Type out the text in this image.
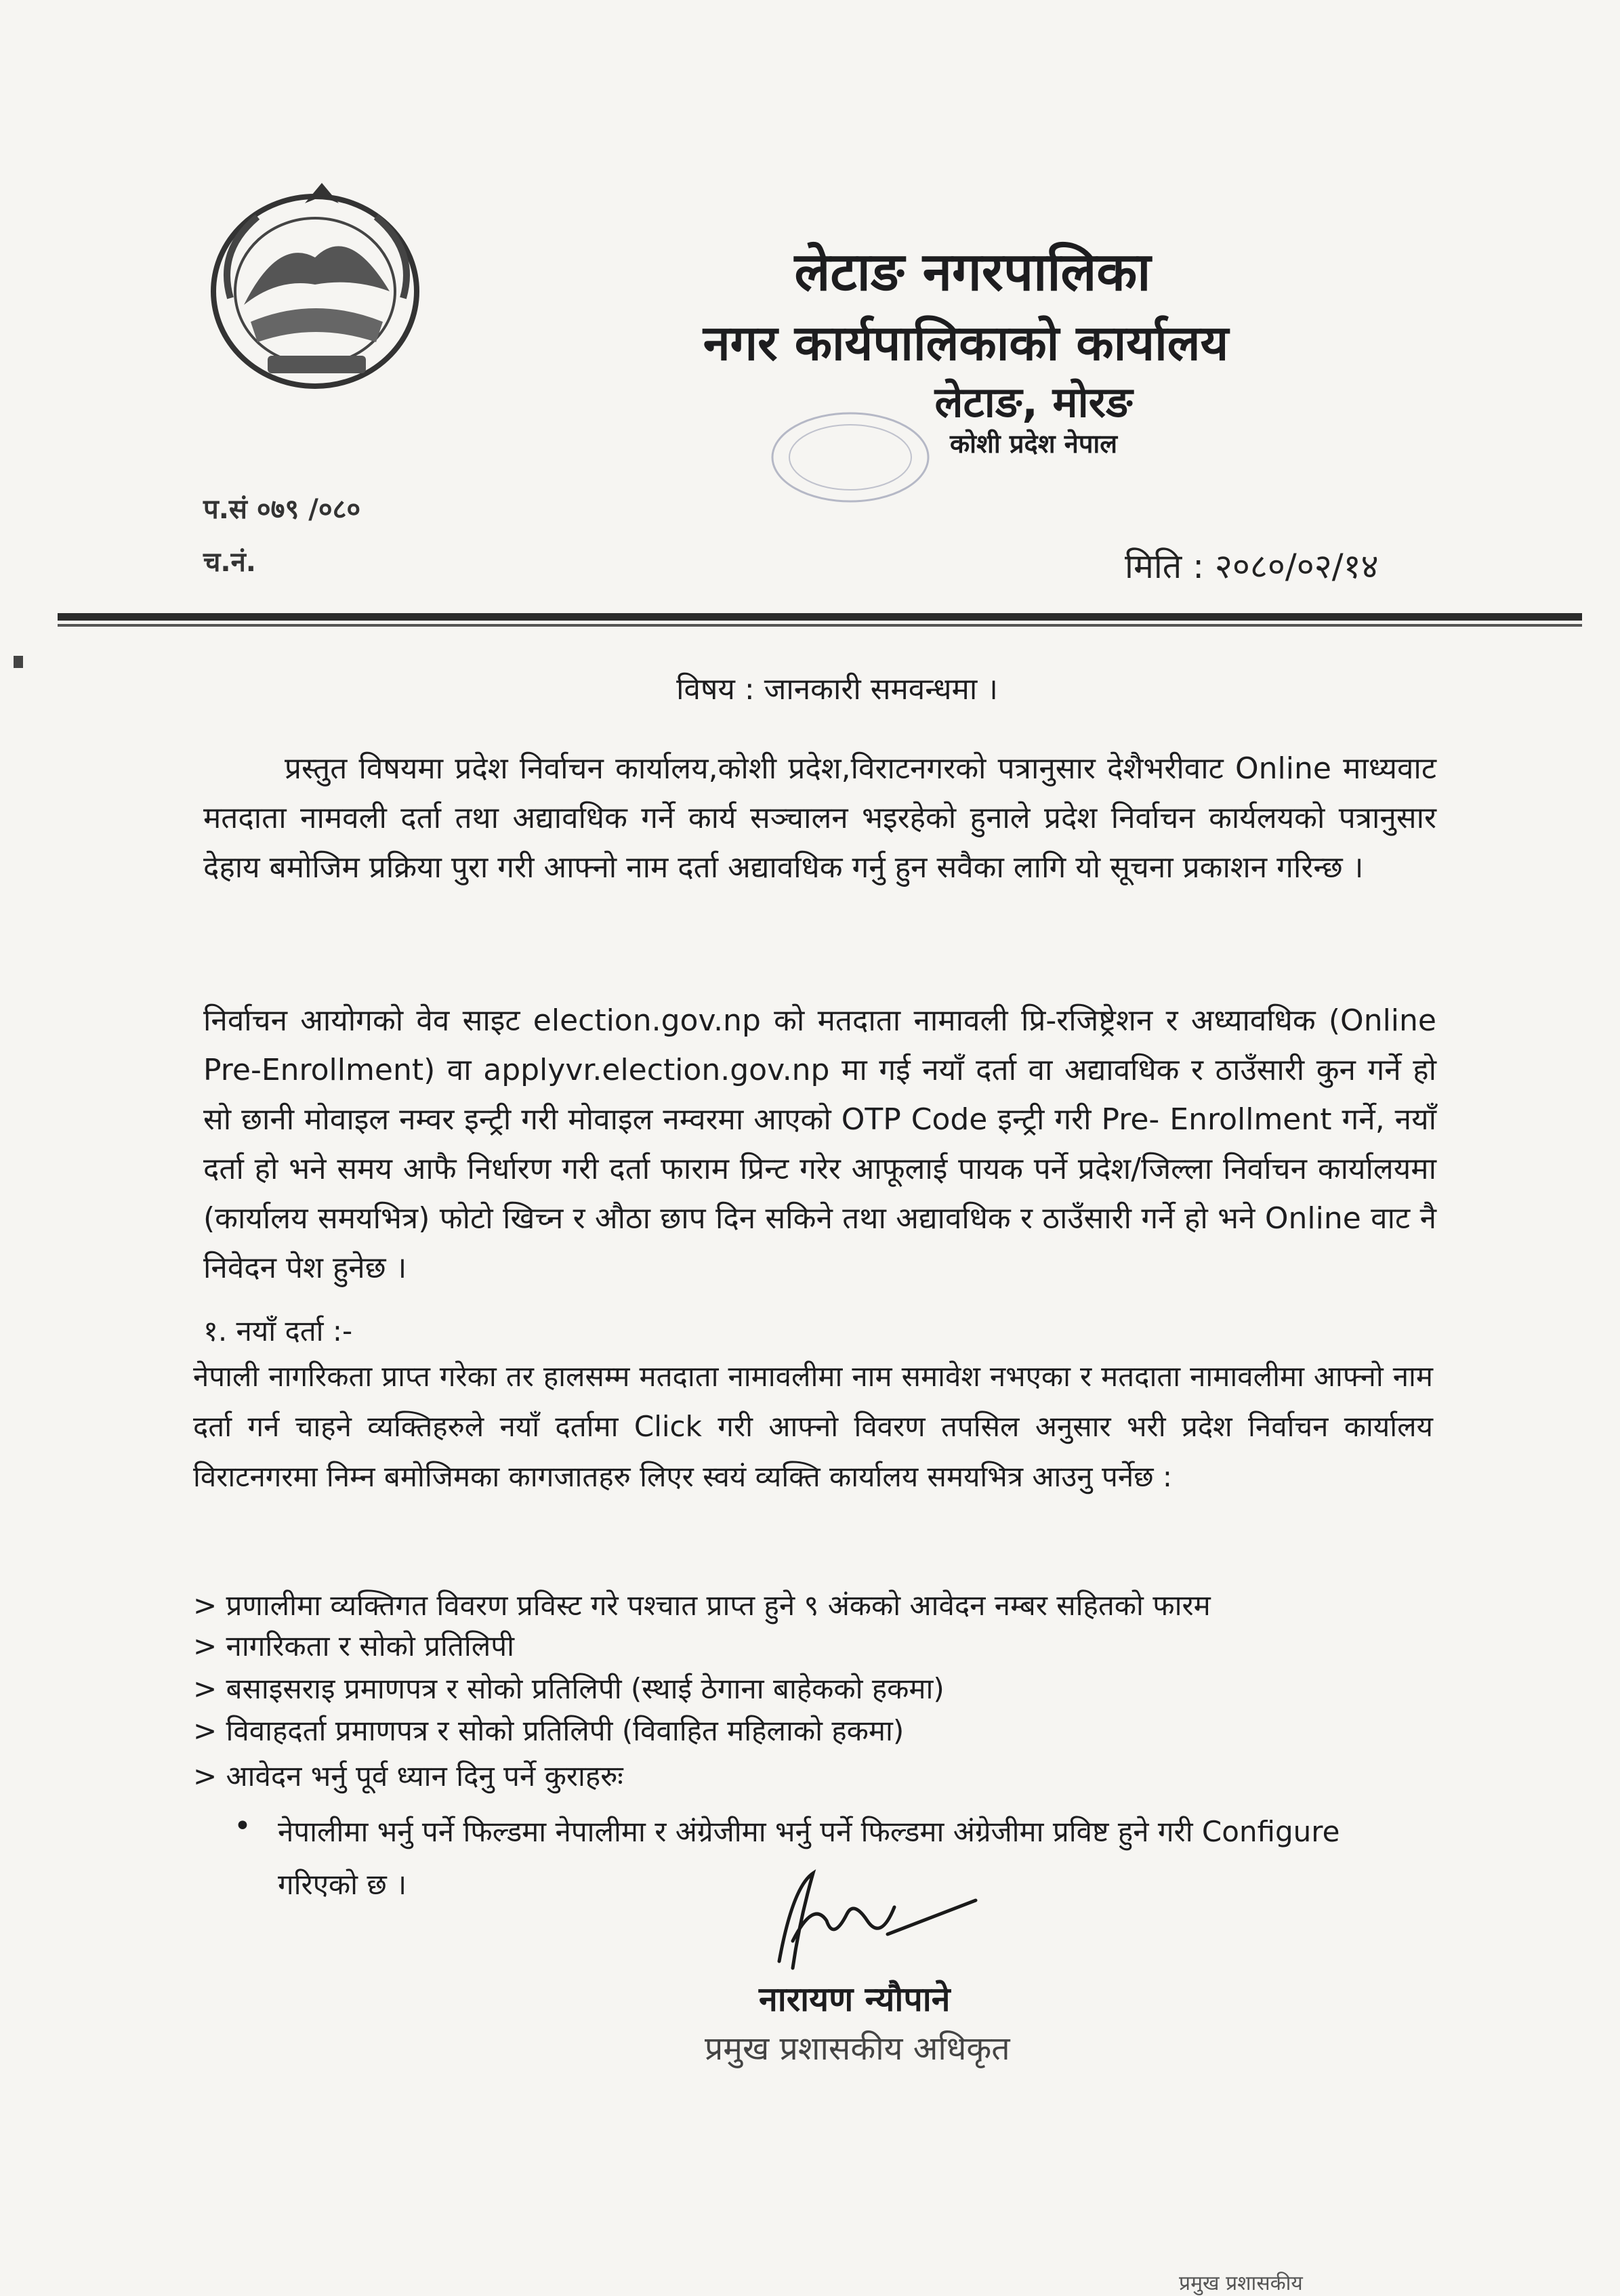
लेटाङ नगरपालिका
नगर कार्यपालिकाको कार्यालय
लेटाङ, मोरङ
कोशी प्रदेश नेपाल
प.सं ०७९ /०८०
च.नं.	मिति : २०८०/०२/१४
विषय : जानकारी समवन्धमा ।
प्रस्तुत विषयमा प्रदेश निर्वाचन कार्यालय,कोशी प्रदेश,विराटनगरको पत्रानुसार देशैभरीवाट Online माध्यवाट मतदाता नामवली दर्ता तथा अद्यावधिक गर्ने कार्य सञ्चालन भइरहेको हुनाले प्रदेश निर्वाचन कार्यलयको पत्रानुसार देहाय बमोजिम प्रक्रिया पुरा गरी आफ्नो नाम दर्ता अद्यावधिक गर्नु हुन सवैका लागि यो सूचना प्रकाशन गरिन्छ ।
निर्वाचन आयोगको वेव साइट election.gov.np को मतदाता नामावली प्रि-रजिष्ट्रेशन र अध्यावधिक (Online Pre-Enrollment) वा applyvr.election.gov.np मा गई नयाँ दर्ता वा अद्यावधिक र ठाउँसारी कुन गर्ने हो सो छानी मोवाइल नम्वर इन्ट्री गरी मोवाइल नम्वरमा आएको OTP Code इन्ट्री गरी Pre- Enrollment गर्ने, नयाँ दर्ता हो भने समय आफै निर्धारण गरी दर्ता फाराम प्रिन्ट गरेर आफूलाई पायक पर्ने प्रदेश/जिल्ला निर्वाचन कार्यालयमा (कार्यालय समयभित्र) फोटो खिच्न र औठा छाप दिन सकिने तथा अद्यावधिक र ठाउँसारी गर्ने हो भने Online वाट नै निवेदन पेश हुनेछ ।
१. नयाँ दर्ता :-
नेपाली नागरिकता प्राप्त गरेका तर हालसम्म मतदाता नामावलीमा नाम समावेश नभएका र मतदाता नामावलीमा आफ्नो नाम दर्ता गर्न चाहने व्यक्तिहरुले नयाँ दर्तामा Click गरी आफ्नो विवरण तपसिल अनुसार भरी प्रदेश निर्वाचन कार्यालय विराटनगरमा निम्न बमोजिमका कागजातहरु लिएर स्वयं व्यक्ति कार्यालय समयभित्र आउनु पर्नेछ :
> प्रणालीमा व्यक्तिगत विवरण प्रविस्ट गरे पश्चात प्राप्त हुने ९ अंकको आवेदन नम्बर सहितको फारम
> नागरिकता र सोको प्रतिलिपी
> बसाइसराइ प्रमाणपत्र र सोको प्रतिलिपी (स्थाई ठेगाना बाहेकको हकमा)
> विवाहदर्ता प्रमाणपत्र र सोको प्रतिलिपी (विवाहित महिलाको हकमा)
> आवेदन भर्नु पूर्व ध्यान दिनु पर्ने कुराहरुः
• नेपालीमा भर्नु पर्ने फिल्डमा नेपालीमा र अंग्रेजीमा भर्नु पर्ने फिल्डमा अंग्रेजीमा प्रविष्ट हुने गरी Configure गरिएको छ ।
नारायण न्यौपाने
प्रमुख प्रशासकीय अधिकृत
प्रमुख प्रशासकीय
